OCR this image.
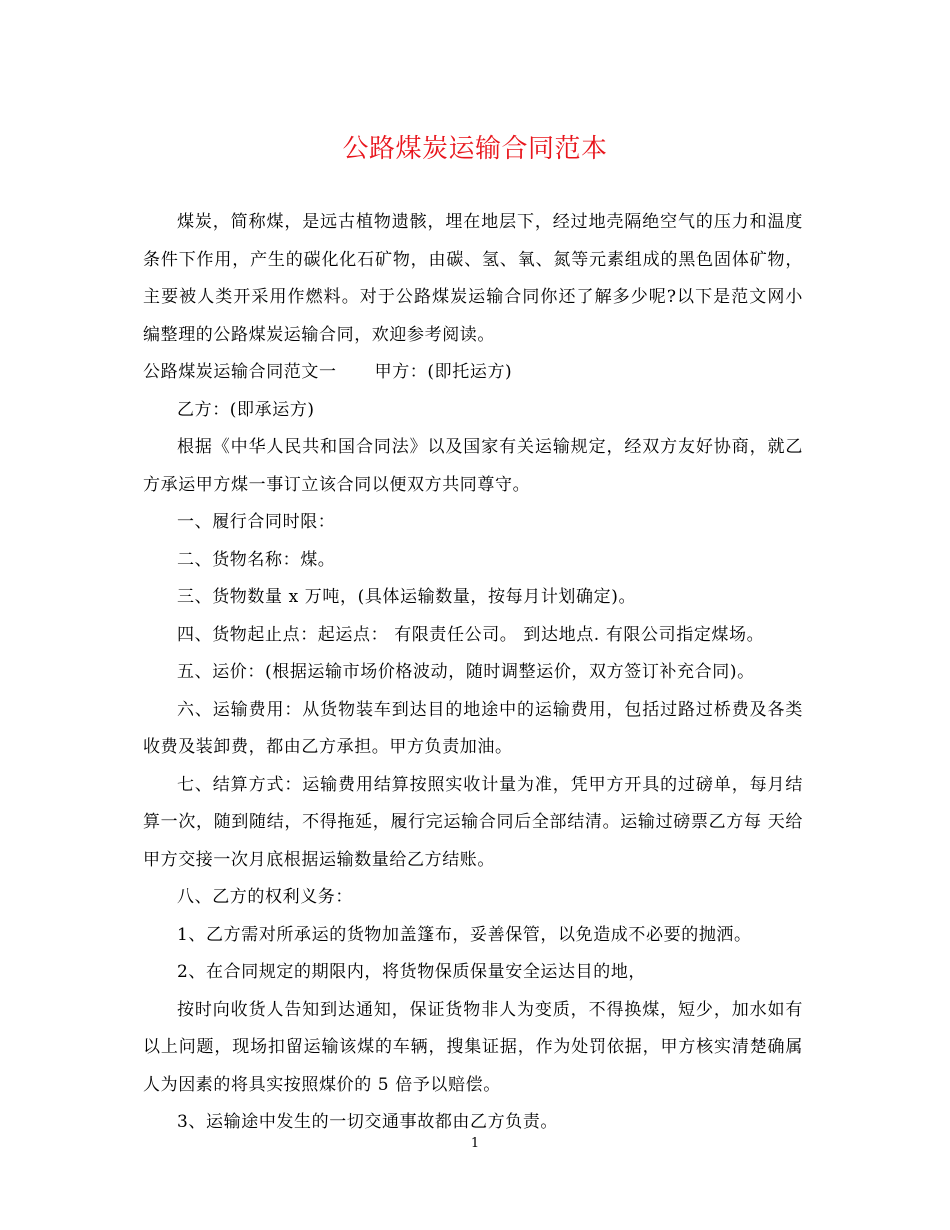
公路煤炭运输合同范本

煤炭，简称煤，是远古植物遗骸，埋在地层下，经过地壳隔绝空气的压力和温度条件下作用，产生的碳化化石矿物，由碳、氢、氧、氮等元素组成的黑色固体矿物，主要被人类开采用作燃料。对于公路煤炭运输合同你还了解多少呢?以下是范文网小编整理的公路煤炭运输合同，欢迎参考阅读。

公路煤炭运输合同范文一 甲方：(即托运方)

乙方：(即承运方)

根据《中华人民共和国合同法》以及国家有关运输规定，经双方友好协商，就乙方承运甲方煤一事订立该合同以便双方共同尊守。

一、履行合同时限：

二、货物名称：煤。

三、货物数量 x 万吨，(具体运输数量，按每月计划确定)。

四、货物起止点：起运点： 有限责任公司。 到达地点. 有限公司指定煤场。

五、运价：(根据运输市场价格波动，随时调整运价，双方签订补充合同)。

六、运输费用：从货物装车到达目的地途中的运输费用，包括过路过桥费及各类收费及装卸费，都由乙方承担。甲方负责加油。

七、结算方式：运输费用结算按照实收计量为准，凭甲方开具的过磅单，每月结算一次，随到随结，不得拖延，履行完运输合同后全部结清。运输过磅票乙方每 天给甲方交接一次月底根据运输数量给乙方结账。

八、乙方的权利义务：

1、乙方需对所承运的货物加盖篷布，妥善保管，以免造成不必要的抛洒。

2、在合同规定的期限内，将货物保质保量安全运达目的地，

按时向收货人告知到达通知，保证货物非人为变质，不得换煤，短少，加水如有以上问题，现场扣留运输该煤的车辆，搜集证据，作为处罚依据，甲方核实清楚确属人为因素的将具实按照煤价的 5 倍予以赔偿。

3、运输途中发生的一切交通事故都由乙方负责。

1
